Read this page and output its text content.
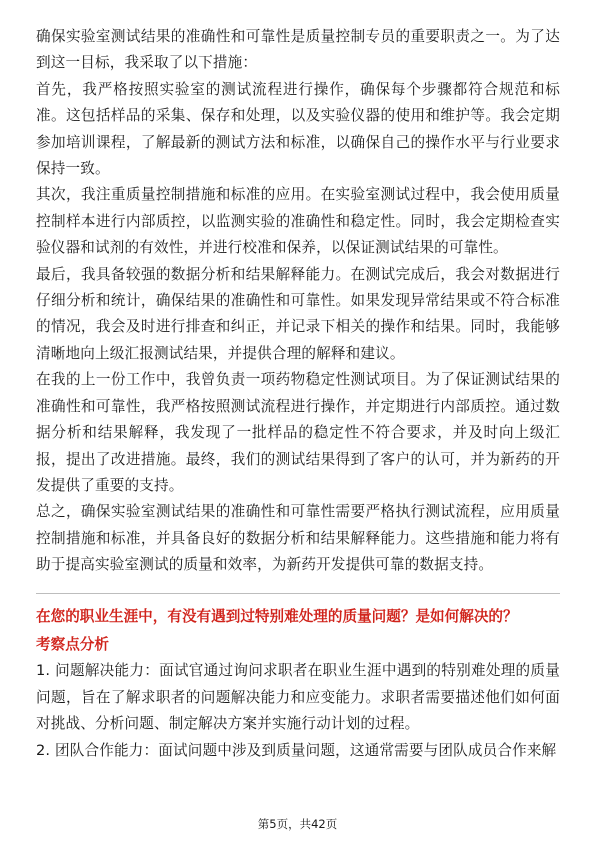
确保实验室测试结果的准确性和可靠性是质量控制专员的重要职责之一。为了达到这一目标，我采取了以下措施：

首先，我严格按照实验室的测试流程进行操作，确保每个步骤都符合规范和标准。这包括样品的采集、保存和处理，以及实验仪器的使用和维护等。我会定期参加培训课程，了解最新的测试方法和标准，以确保自己的操作水平与行业要求保持一致。

其次，我注重质量控制措施和标准的应用。在实验室测试过程中，我会使用质量控制样本进行内部质控，以监测实验的准确性和稳定性。同时，我会定期检查实验仪器和试剂的有效性，并进行校准和保养，以保证测试结果的可靠性。

最后，我具备较强的数据分析和结果解释能力。在测试完成后，我会对数据进行仔细分析和统计，确保结果的准确性和可靠性。如果发现异常结果或不符合标准的情况，我会及时进行排查和纠正，并记录下相关的操作和结果。同时，我能够清晰地向上级汇报测试结果，并提供合理的解释和建议。

在我的上一份工作中，我曾负责一项药物稳定性测试项目。为了保证测试结果的准确性和可靠性，我严格按照测试流程进行操作，并定期进行内部质控。通过数据分析和结果解释，我发现了一批样品的稳定性不符合要求，并及时向上级汇报，提出了改进措施。最终，我们的测试结果得到了客户的认可，并为新药的开发提供了重要的支持。

总之，确保实验室测试结果的准确性和可靠性需要严格执行测试流程，应用质量控制措施和标准，并具备良好的数据分析和结果解释能力。这些措施和能力将有助于提高实验室测试的质量和效率，为新药开发提供可靠的数据支持。

在您的职业生涯中，有没有遇到过特别难处理的质量问题？是如何解决的？

考察点分析

1. 问题解决能力：面试官通过询问求职者在职业生涯中遇到的特别难处理的质量问题，旨在了解求职者的问题解决能力和应变能力。求职者需要描述他们如何面对挑战、分析问题、制定解决方案并实施行动计划的过程。

2. 团队合作能力：面试问题中涉及到质量问题，这通常需要与团队成员合作来解

第5页，共42页
